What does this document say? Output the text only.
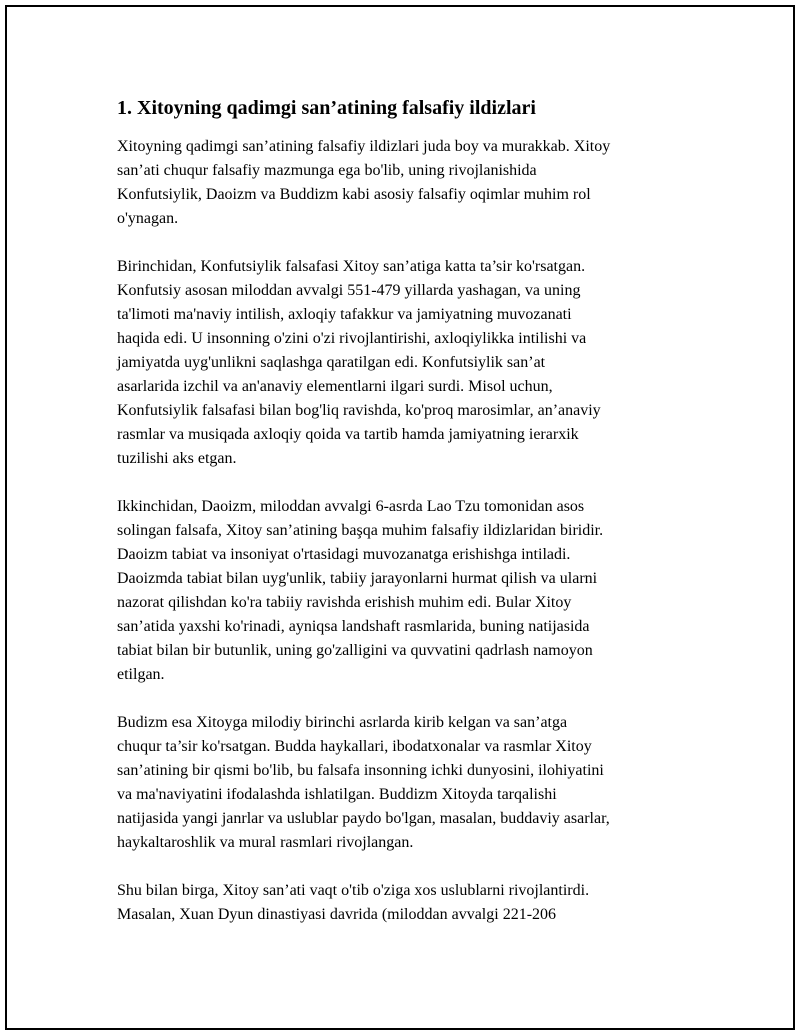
1. Xitoyning qadimgi san’atining falsafiy ildizlari

Xitoyning qadimgi san’atining falsafiy ildizlari juda boy va murakkab. Xitoy
san’ati chuqur falsafiy mazmunga ega bo'lib, uning rivojlanishida
Konfutsiylik, Daoizm va Buddizm kabi asosiy falsafiy oqimlar muhim rol
o'ynagan.

Birinchidan, Konfutsiylik falsafasi Xitoy san’atiga katta ta’sir ko'rsatgan.
Konfutsiy asosan miloddan avvalgi 551-479 yillarda yashagan, va uning
ta'limoti ma'naviy intilish, axloqiy tafakkur va jamiyatning muvozanati
haqida edi. U insonning o'zini o'zi rivojlantirishi, axloqiylikka intilishi va
jamiyatda uyg'unlikni saqlashga qaratilgan edi. Konfutsiylik san’at
asarlarida izchil va an'anaviy elementlarni ilgari surdi. Misol uchun,
Konfutsiylik falsafasi bilan bog'liq ravishda, ko'proq marosimlar, an’anaviy
rasmlar va musiqada axloqiy qoida va tartib hamda jamiyatning ierarxik
tuzilishi aks etgan.

Ikkinchidan, Daoizm, miloddan avvalgi 6-asrda Lao Tzu tomonidan asos
solingan falsafa, Xitoy san’atining başqa muhim falsafiy ildizlaridan biridir.
Daoizm tabiat va insoniyat o'rtasidagi muvozanatga erishishga intiladi.
Daoizmda tabiat bilan uyg'unlik, tabiiy jarayonlarni hurmat qilish va ularni
nazorat qilishdan ko'ra tabiiy ravishda erishish muhim edi. Bular Xitoy
san’atida yaxshi ko'rinadi, ayniqsa landshaft rasmlarida, buning natijasida
tabiat bilan bir butunlik, uning go'zalligini va quvvatini qadrlash namoyon
etilgan.

Budizm esa Xitoyga milodiy birinchi asrlarda kirib kelgan va san’atga
chuqur ta’sir ko'rsatgan. Budda haykallari, ibodatxonalar va rasmlar Xitoy
san’atining bir qismi bo'lib, bu falsafa insonning ichki dunyosini, ilohiyatini
va ma'naviyatini ifodalashda ishlatilgan. Buddizm Xitoyda tarqalishi
natijasida yangi janrlar va uslublar paydo bo'lgan, masalan, buddaviy asarlar,
haykaltaroshlik va mural rasmlari rivojlangan.

Shu bilan birga, Xitoy san’ati vaqt o'tib o'ziga xos uslublarni rivojlantirdi.
Masalan, Xuan Dyun dinastiyasi davrida (miloddan avvalgi 221-206
